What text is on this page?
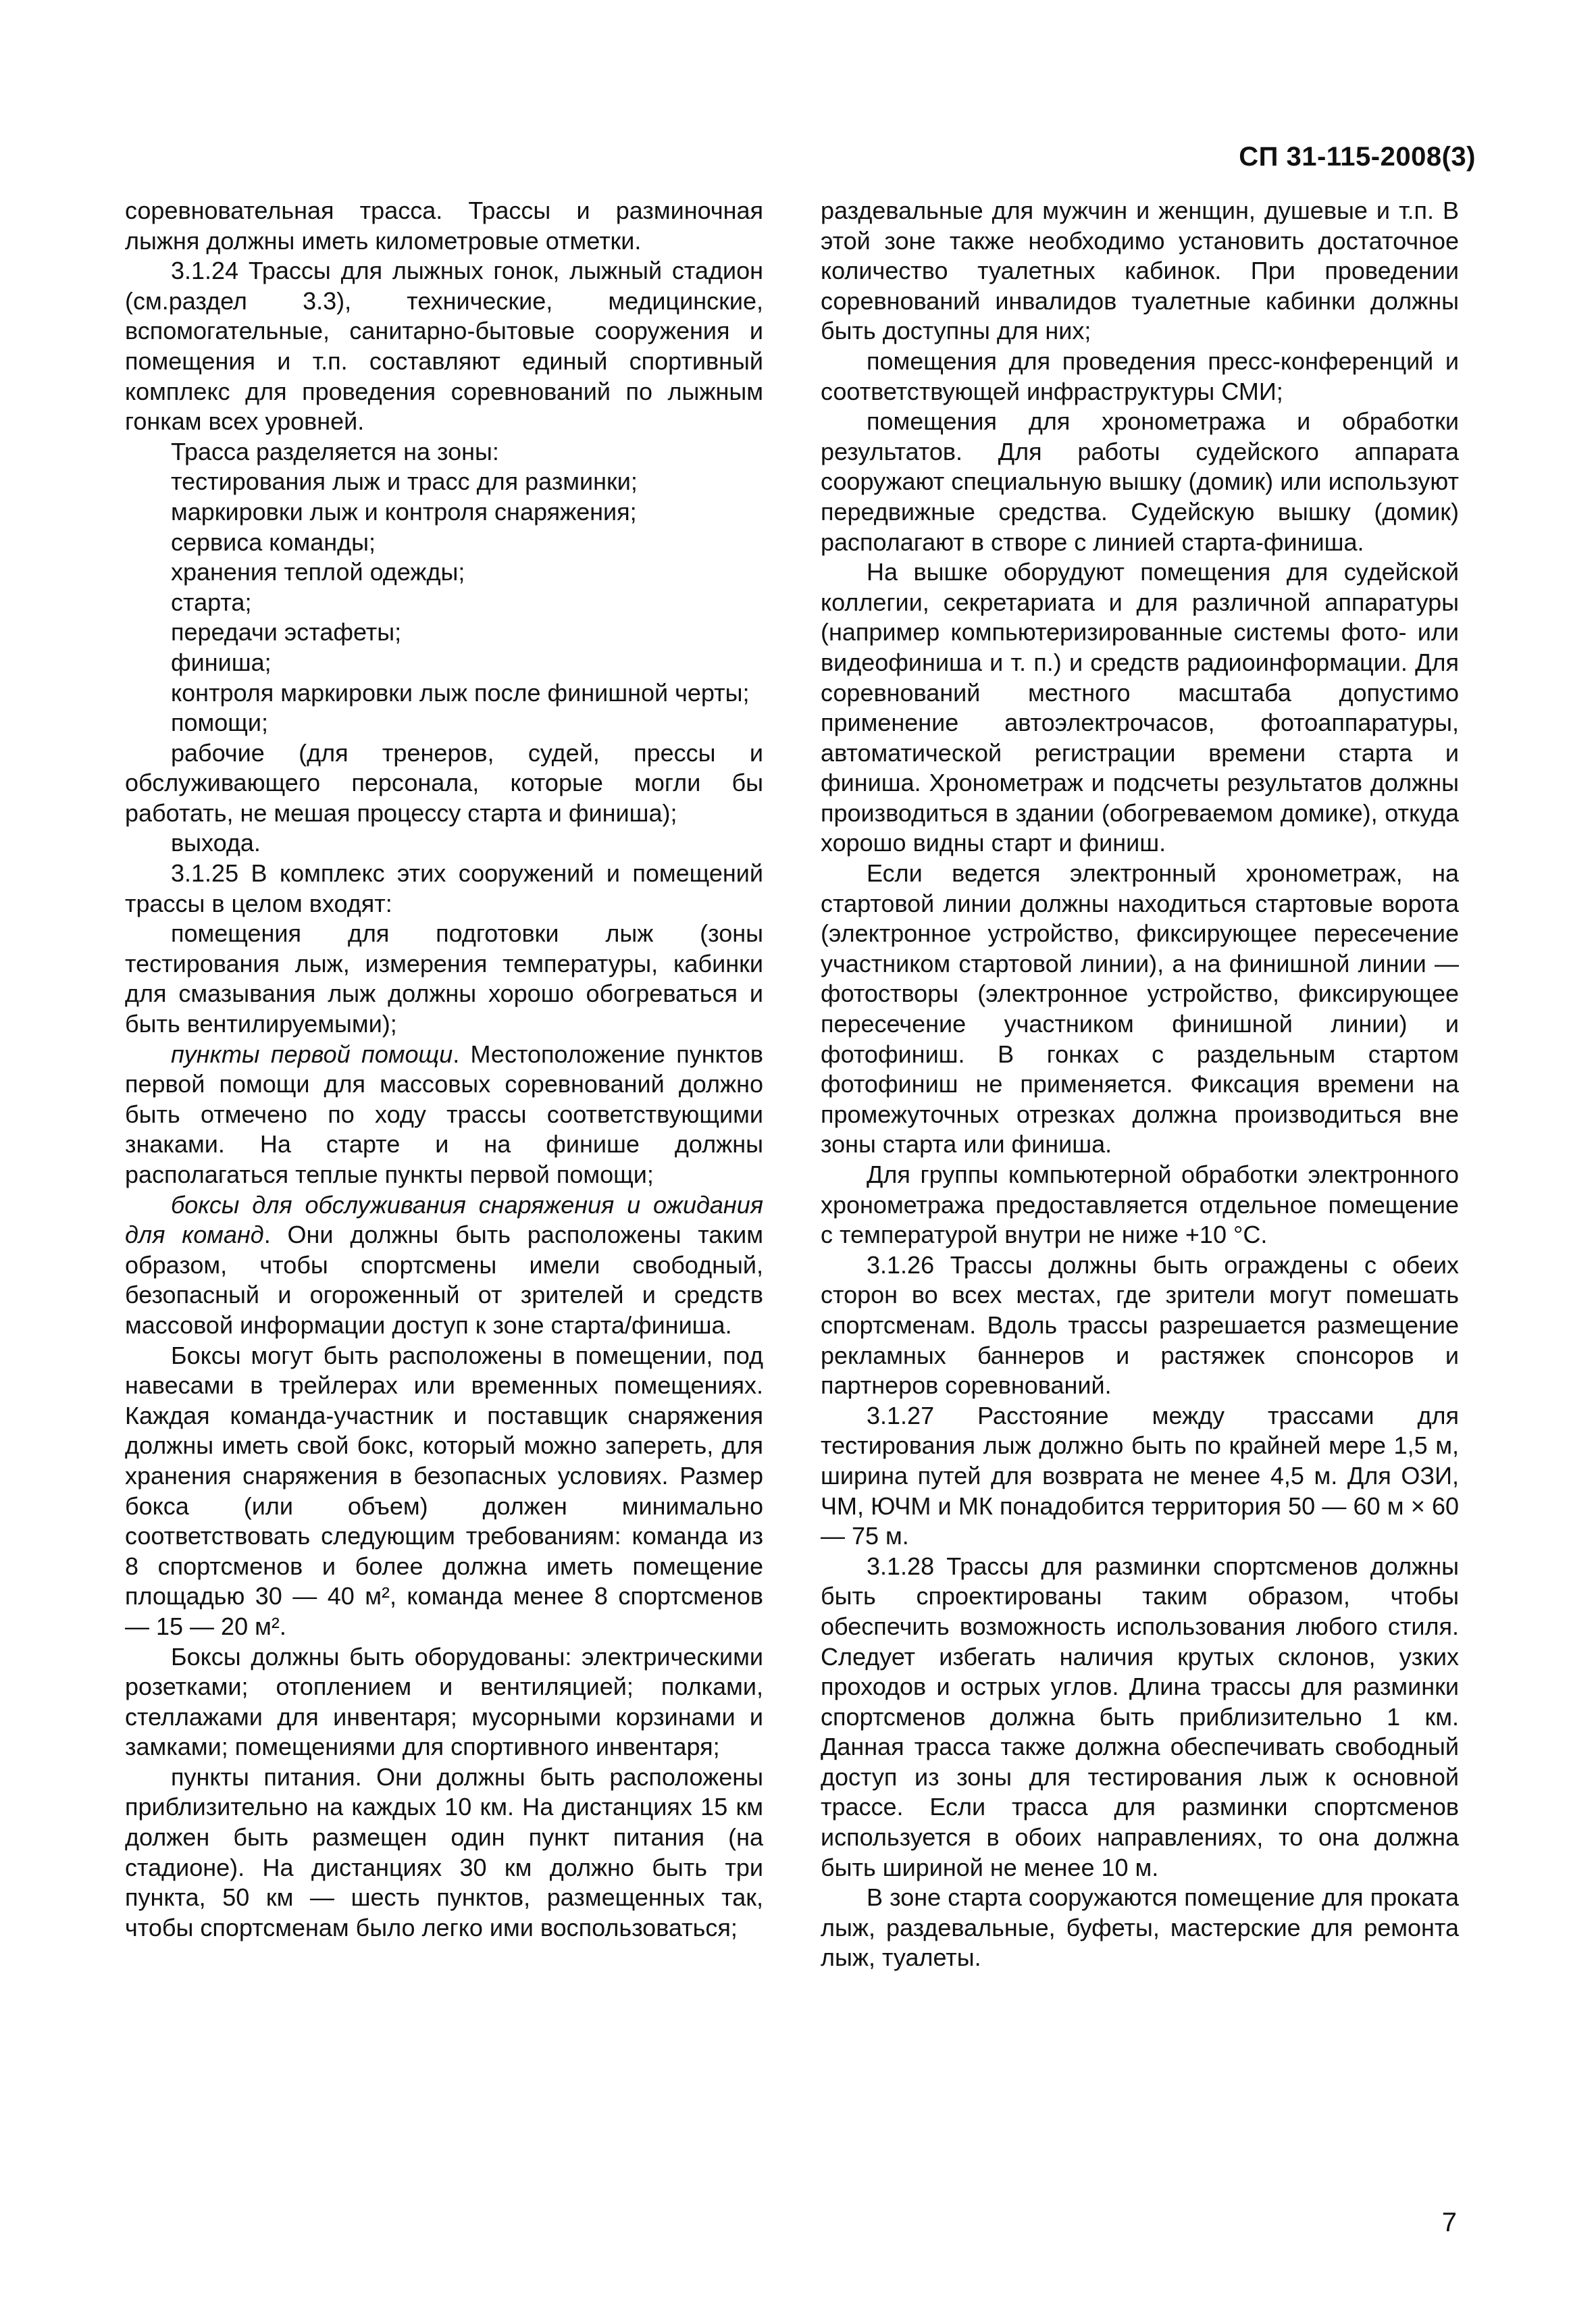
СП 31-115-2008(3)

соревновательная трасса. Трассы и разминочная лыжня должны иметь километровые отметки.

3.1.24 Трассы для лыжных гонок, лыжный стадион (см.раздел 3.3), технические, медицинские, вспомогательные, санитарно-бытовые сооружения и помещения и т.п. составляют единый спортивный комплекс для проведения соревнований по лыжным гонкам всех уровней.

Трасса разделяется на зоны:

тестирования лыж и трасс для разминки;

маркировки лыж и контроля снаряжения;

сервиса команды;

хранения теплой одежды;

старта;

передачи эстафеты;

финиша;

контроля маркировки лыж после финишной черты;

помощи;

рабочие (для тренеров, судей, прессы и обслуживающего персонала, которые могли бы работать, не мешая процессу старта и финиша);

выхода.

3.1.25 В комплекс этих сооружений и помещений трассы в целом входят:

помещения для подготовки лыж (зоны тестирования лыж, измерения температуры, кабинки для смазывания лыж должны хорошо обогреваться и быть вентилируемыми);

пункты первой помощи. Местоположение пунктов первой помощи для массовых соревнований должно быть отмечено по ходу трассы соответствующими знаками. На старте и на финише должны располагаться теплые пункты первой помощи;

боксы для обслуживания снаряжения и ожидания для команд. Они должны быть расположены таким образом, чтобы спортсмены имели свободный, безопасный и огороженный от зрителей и средств массовой информации доступ к зоне старта/финиша.

Боксы могут быть расположены в помещении, под навесами в трейлерах или временных помещениях. Каждая команда-участник и поставщик снаряжения должны иметь свой бокс, который можно запереть, для хранения снаряжения в безопасных условиях. Размер бокса (или объем) должен минимально соответствовать следующим требованиям: команда из 8 спортсменов и более должна иметь помещение площадью 30 — 40 м², команда менее 8 спортсменов — 15 — 20 м².

Боксы должны быть оборудованы: электрическими розетками; отоплением и вентиляцией; полками, стеллажами для инвентаря; мусорными корзинами и замками; помещениями для спортивного инвентаря;

пункты питания. Они должны быть расположены приблизительно на каждых 10 км. На дистанциях 15 км должен быть размещен один пункт питания (на стадионе). На дистанциях 30 км должно быть три пункта, 50 км — шесть пунктов, размещенных так, чтобы спортсменам было легко ими воспользоваться;

раздевальные для мужчин и женщин, душевые и т.п. В этой зоне также необходимо установить достаточное количество туалетных кабинок. При проведении соревнований инвалидов туалетные кабинки должны быть доступны для них;

помещения для проведения пресс-конференций и соответствующей инфраструктуры СМИ;

помещения для хронометража и обработки результатов. Для работы судейского аппарата сооружают специальную вышку (домик) или используют передвижные средства. Судейскую вышку (домик) располагают в створе с линией старта-финиша.

На вышке оборудуют помещения для судейской коллегии, секретариата и для различной аппаратуры (например компьютеризированные системы фото- или видеофиниша и т. п.) и средств радиоинформации. Для соревнований местного масштаба допустимо применение автоэлектрочасов, фотоаппаратуры, автоматической регистрации времени старта и финиша. Хронометраж и подсчеты результатов должны производиться в здании (обогреваемом домике), откуда хорошо видны старт и финиш.

Если ведется электронный хронометраж, на стартовой линии должны находиться стартовые ворота (электронное устройство, фиксирующее пересечение участником стартовой линии), а на финишной линии — фотостворы (электронное устройство, фиксирующее пересечение участником финишной линии) и фотофиниш. В гонках с раздельным стартом фотофиниш не применяется. Фиксация времени на промежуточных отрезках должна производиться вне зоны старта или финиша.

Для группы компьютерной обработки электронного хронометража предоставляется отдельное помещение с температурой внутри не ниже +10 °С.

3.1.26 Трассы должны быть ограждены с обеих сторон во всех местах, где зрители могут помешать спортсменам. Вдоль трассы разрешается размещение рекламных баннеров и растяжек спонсоров и партнеров соревнований.

3.1.27 Расстояние между трассами для тестирования лыж должно быть по крайней мере 1,5 м, ширина путей для возврата не менее 4,5 м. Для ОЗИ, ЧМ, ЮЧМ и МК понадобится территория 50 — 60 м × 60 — 75 м.

3.1.28 Трассы для разминки спортсменов должны быть спроектированы таким образом, чтобы обеспечить возможность использования любого стиля. Следует избегать наличия крутых склонов, узких проходов и острых углов. Длина трассы для разминки спортсменов должна быть приблизительно 1 км. Данная трасса также должна обеспечивать свободный доступ из зоны для тестирования лыж к основной трассе. Если трасса для разминки спортсменов используется в обоих направлениях, то она должна быть шириной не менее 10 м.

В зоне старта сооружаются помещение для проката лыж, раздевальные, буфеты, мастерские для ремонта лыж, туалеты.

7
